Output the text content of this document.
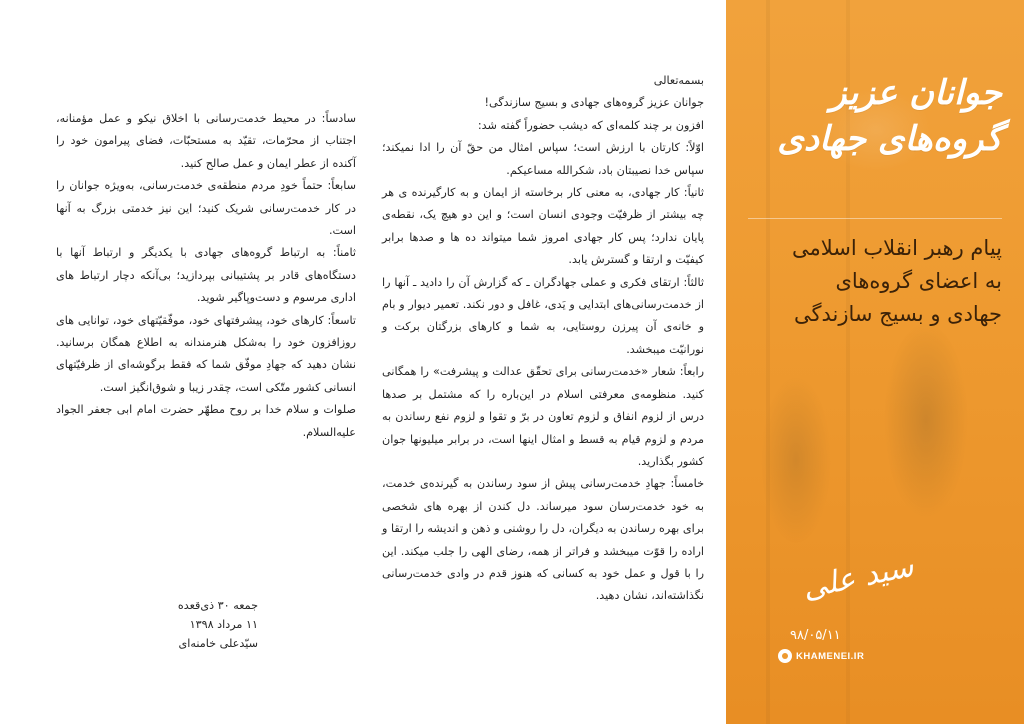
سادساً: در محیط خدمت‌رسانی با اخلاق نیکو و عمل مؤمنانه، اجتناب از محرّمات، تقیّد به مستحبّات، فضای پیرامون خود را آکنده از عطر ایمان و عمل صالح کنید.

سابعاً: حتماً خودِ مردم منطقه‌ی خدمت‌رسانی، به‌ویژه جوانان را در کار خدمت‌رسانی شریک کنید؛ این نیز خدمتی بزرگ به آنها است.

ثامناً: به ارتباط گروه‌های جهادی با یکدیگر و ارتباط آنها با دستگاه‌های قادر بر پشتیبانی بپردازید؛ بی‌آنکه دچار ارتباط های اداری مرسوم و دست‌وپاگیر شوید.

تاسعاً: کارهای خود، پیشرفتهای خود، موفّقیّتهای خود، توانایی های روزافزون خود را به‌شکل هنرمندانه به اطلاع همگان برسانید. نشان دهید که جهادِ موفّق شما که فقط برگوشه‌ای از ظرفیّتهای انسانی کشور متّکی است، چقدر زیبا و شوق‌انگیز است.

صلوات و سلام خدا بر روح مطهّر حضرت امام ابی جعفر الجواد علیه‌السلام.

جمعه ۳۰ ذی‌قعده
۱۱ مرداد ۱۳۹۸
سیّدعلی خامنه‌ای

بسمه‌تعالی

جوانان عزیز گروه‌های جهادی و بسیج سازندگی!

افزون بر چند کلمه‌ای که دیشب حضوراً گفته شد:

اوّلاً: کارتان با ارزش است؛ سپاس امثال من حقّ آن را ادا نمیکند؛ سپاس خدا نصیبتان باد، شکرالله مساعیکم.

ثانیاً: کار جهادی، به معنی کار برخاسته از ایمان و به کارگیرنده ی هر چه بیشتر از ظرفیّت وجودی انسان است؛ و این دو هیچ یک، نقطه‌ی پایان ندارد؛ پس کار جهادی امروز شما میتواند ده ها و صدها برابر کیفیّت و ارتقا و گسترش یابد.

ثالثاً: ارتقای فکری و عملی جهادگران ـ که گزارش آن را دادید ـ آنها را از خدمت‌رسانی‌های ابتدایی و یَدی، غافل و دور نکند. تعمیر دیوار و بام و خانه‌ی آن پیرزن روستایی، به شما و کارهای بزرگتان برکت و نورانیّت میبخشد.

رابعاً: شعار «خدمت‌رسانی برای تحقّق عدالت و پیشرفت» را همگانی کنید. منظومه‌ی معرفتی اسلام در این‌باره را که مشتمل بر صدها درس از لزوم انفاق و لزوم تعاون در برّ و تقوا و لزوم نفع رساندن به مردم و لزوم قیام به قسط و امثال اینها است، در برابر میلیونها جوان کشور بگذارید.

خامساً: جهادِ خدمت‌رسانی پیش از سود رساندن به گیرنده‌ی خدمت، به خود خدمت‌رسان سود میرساند. دل کندن از بهره های شخصی برای بهره رساندن به دیگران، دل را روشنی و ذهن و اندیشه را ارتقا و اراده را قوّت میبخشد و فراتر از همه، رضای الهی را جلب میکند. این را با قول و عمل خود به کسانی که هنوز قدم در وادی خدمت‌رسانی نگذاشته‌اند، نشان دهید.

جوانان عزیز
گروه‌های جهادی
پیام رهبر انقلاب اسلامی
به اعضای گروه‌های
جهادی و بسیج سازندگی
سید علی
۹۸/۰۵/۱۱
KHAMENEI.IR
